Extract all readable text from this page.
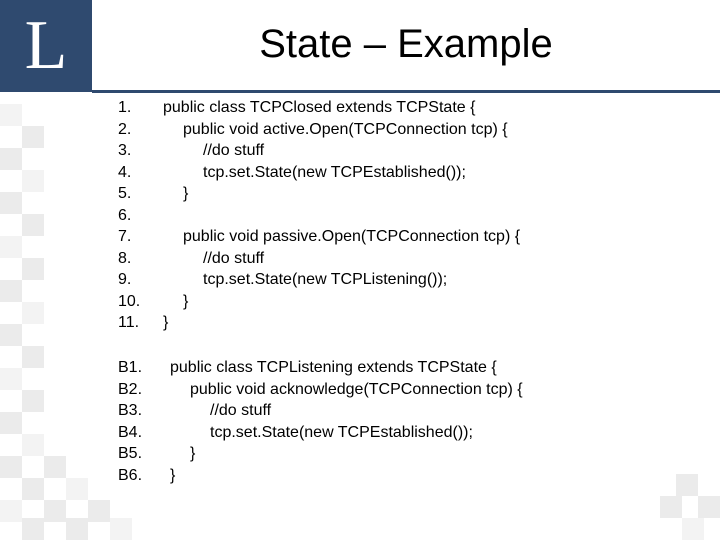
L	State – Example
1. public class TCPClosed extends TCPState {
2.	public void active.Open(TCPConnection tcp) {
3.	//do stuff
4.	tcp.set.State(new TCPEstablished());
5.	}
6.
7.	public void passive.Open(TCPConnection tcp) {
8.	//do stuff
9.	tcp.set.State(new TCPListening());
10.	}
11. }
B1. public class TCPListening extends TCPState {
B2.	public void acknowledge(TCPConnection tcp) {
B3.	//do stuff
B4.	tcp.set.State(new TCPEstablished());
B5.	}
B6. }
